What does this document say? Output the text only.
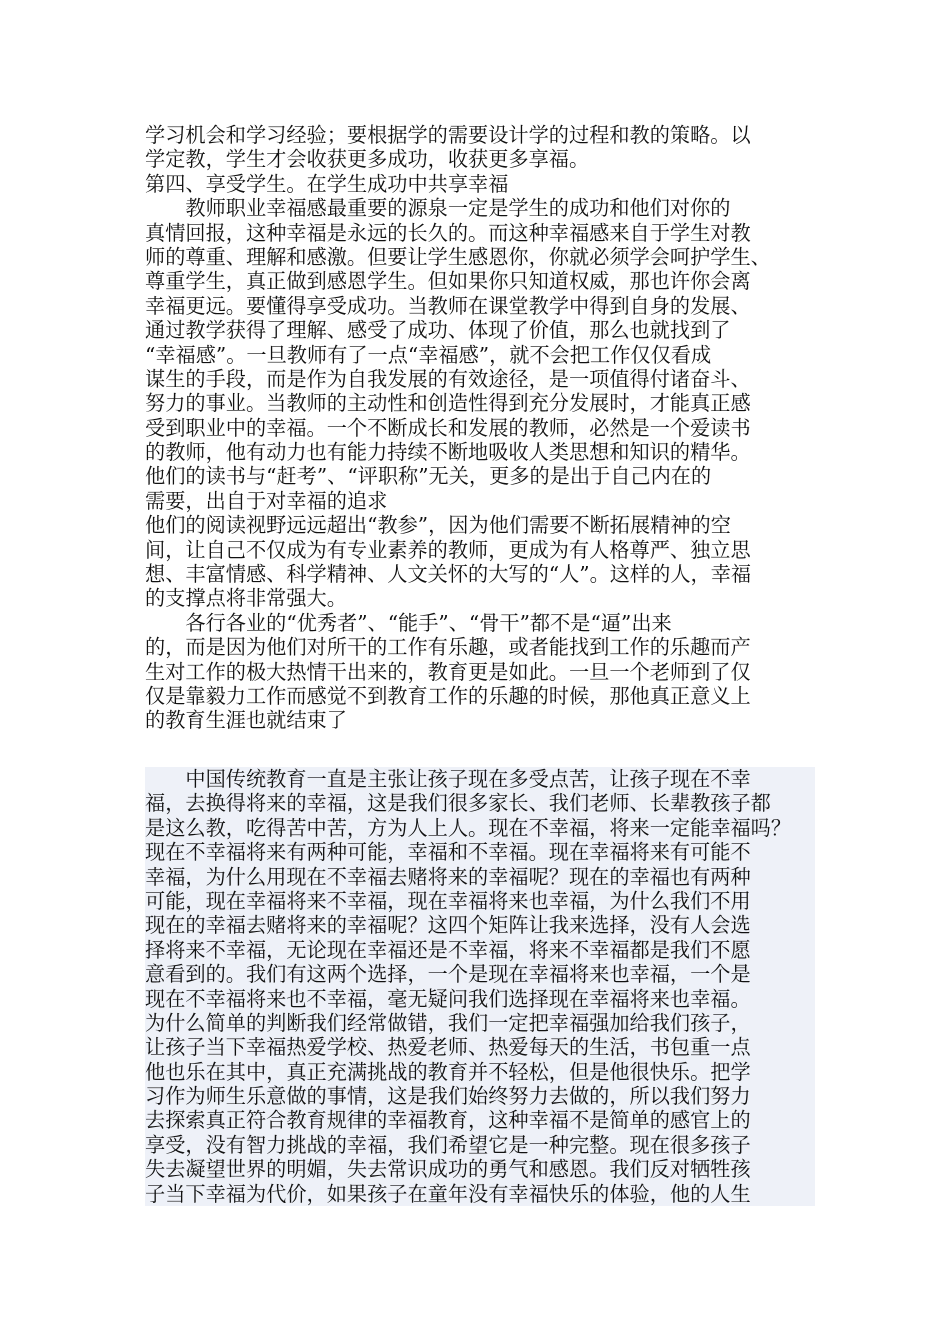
学习机会和学习经验；要根据学的需要设计学的过程和教的策略。以
学定教，学生才会收获更多成功，收获更多享福。
第四、享受学生。在学生成功中共享幸福
　　教师职业幸福感最重要的源泉一定是学生的成功和他们对你的
真情回报，这种幸福是永远的长久的。而这种幸福感来自于学生对教
师的尊重、理解和感激。但要让学生感恩你，你就必须学会呵护学生、
尊重学生，真正做到感恩学生。但如果你只知道权威，那也许你会离
幸福更远。要懂得享受成功。当教师在课堂教学中得到自身的发展、
通过教学获得了理解、感受了成功、体现了价值，那么也就找到了
“幸福感”。一旦教师有了一点“幸福感”，就不会把工作仅仅看成
谋生的手段，而是作为自我发展的有效途径，是一项值得付诸奋斗、
努力的事业。当教师的主动性和创造性得到充分发展时，才能真正感
受到职业中的幸福。一个不断成长和发展的教师，必然是一个爱读书
的教师，他有动力也有能力持续不断地吸收人类思想和知识的精华。
他们的读书与“赶考”、“评职称”无关，更多的是出于自己内在的
需要，出自于对幸福的追求
他们的阅读视野远远超出“教参”，因为他们需要不断拓展精神的空
间，让自己不仅成为有专业素养的教师，更成为有人格尊严、独立思
想、丰富情感、科学精神、人文关怀的大写的“人”。这样的人，幸福
的支撑点将非常强大。
　　各行各业的“优秀者”、“能手”、“骨干”都不是“逼”出来
的，而是因为他们对所干的工作有乐趣，或者能找到工作的乐趣而产
生对工作的极大热情干出来的，教育更是如此。一旦一个老师到了仅
仅是靠毅力工作而感觉不到教育工作的乐趣的时候，那他真正意义上
的教育生涯也就结束了
　　中国传统教育一直是主张让孩子现在多受点苦，让孩子现在不幸
福，去换得将来的幸福，这是我们很多家长、我们老师、长辈教孩子都
是这么教，吃得苦中苦，方为人上人。现在不幸福，将来一定能幸福吗？
现在不幸福将来有两种可能，幸福和不幸福。现在幸福将来有可能不
幸福，为什么用现在不幸福去赌将来的幸福呢？现在的幸福也有两种
可能，现在幸福将来不幸福，现在幸福将来也幸福，为什么我们不用
现在的幸福去赌将来的幸福呢？这四个矩阵让我来选择，没有人会选
择将来不幸福，无论现在幸福还是不幸福，将来不幸福都是我们不愿
意看到的。我们有这两个选择，一个是现在幸福将来也幸福，一个是
现在不幸福将来也不幸福，毫无疑问我们选择现在幸福将来也幸福。
为什么简单的判断我们经常做错，我们一定把幸福强加给我们孩子，
让孩子当下幸福热爱学校、热爱老师、热爱每天的生活，书包重一点
他也乐在其中，真正充满挑战的教育并不轻松，但是他很快乐。把学
习作为师生乐意做的事情，这是我们始终努力去做的，所以我们努力
去探索真正符合教育规律的幸福教育，这种幸福不是简单的感官上的
享受，没有智力挑战的幸福，我们希望它是一种完整。现在很多孩子
失去凝望世界的明媚，失去常识成功的勇气和感恩。我们反对牺牲孩
子当下幸福为代价，如果孩子在童年没有幸福快乐的体验，他的人生
